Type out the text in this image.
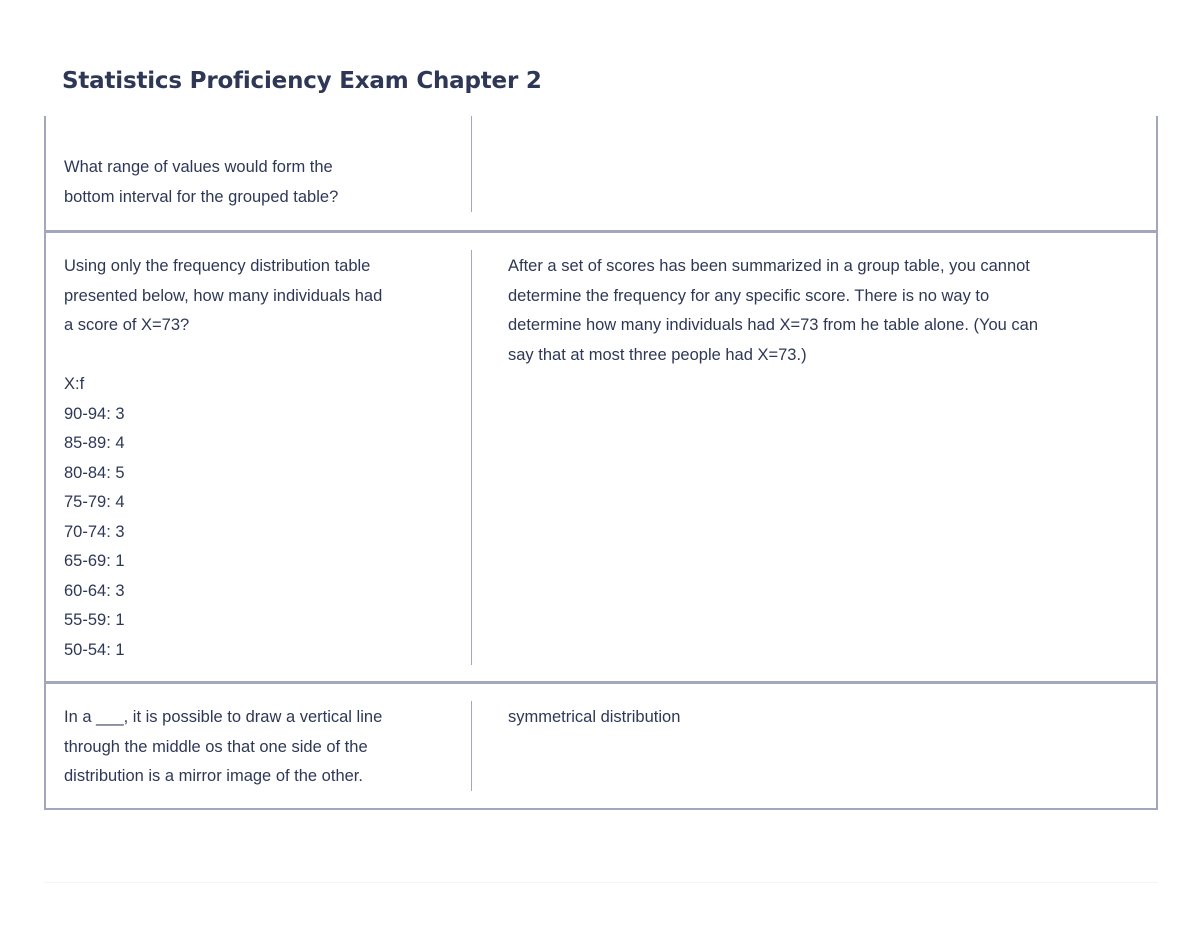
Statistics Proficiency Exam Chapter 2
What range of values would form the
bottom interval for the grouped table?
Using only the frequency distribution table
presented below, how many individuals had
a score of X=73?

X:f
90-94: 3
85-89: 4
80-84: 5
75-79: 4
70-74: 3
65-69: 1
60-64: 3
55-59: 1
50-54: 1
After a set of scores has been summarized in a group table, you cannot
determine the frequency for any specific score. There is no way to
determine how many individuals had X=73 from he table alone. (You can
say that at most three people had X=73.)
In a ___, it is possible to draw a vertical line
through the middle os that one side of the
distribution is a mirror image of the other.
symmetrical distribution
